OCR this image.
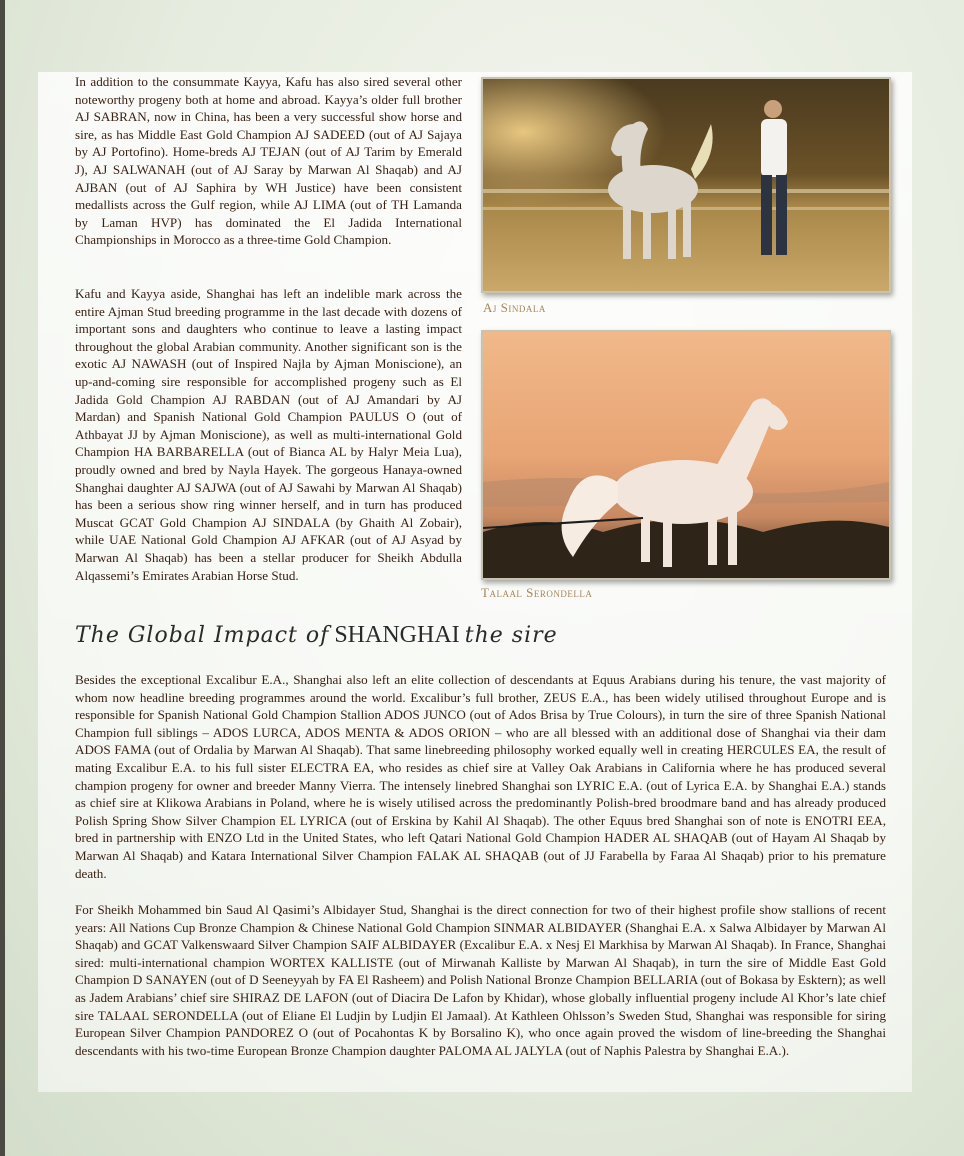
In addition to the consummate Kayya, Kafu has also sired several other noteworthy progeny both at home and abroad. Kayya’s older full brother AJ SABRAN, now in China, has been a very successful show horse and sire, as has Middle East Gold Champion AJ SADEED (out of AJ Sajaya by AJ Portofino). Home-breds AJ TEJAN (out of AJ Tarim by Emerald J), AJ SALWANAH (out of AJ Saray by Marwan Al Shaqab) and AJ AJBAN (out of AJ Saphira by WH Justice) have been consistent medallists across the Gulf region, while AJ LIMA (out of TH Lamanda by Laman HVP) has dominated the El Jadida International Championships in Morocco as a three-time Gold Champion.

Kafu and Kayya aside, Shanghai has left an indelible mark across the entire Ajman Stud breeding programme in the last decade with dozens of important sons and daughters who continue to leave a lasting impact throughout the global Arabian community. Another significant son is the exotic AJ NAWASH (out of Inspired Najla by Ajman Moniscione), an up-and-coming sire responsible for accomplished progeny such as El Jadida Gold Champion AJ RABDAN (out of AJ Amandari by AJ Mardan) and Spanish National Gold Champion PAULUS O (out of Athbayat JJ by Ajman Moniscione), as well as multi-international Gold Champion HA BARBARELLA (out of Bianca AL by Halyr Meia Lua), proudly owned and bred by Nayla Hayek. The gorgeous Hanaya-owned Shanghai daughter AJ SAJWA (out of AJ Sawahi by Marwan Al Shaqab) has been a serious show ring winner herself, and in turn has produced Muscat GCAT Gold Champion AJ SINDALA (by Ghaith Al Zobair), while UAE National Gold Champion AJ AFKAR (out of AJ Asyad by Marwan Al Shaqab) has been a stellar producer for Sheikh Abdulla Alqassemi’s Emirates Arabian Horse Stud.

Aj Sindala
Talaal Serondella
The Global Impact of SHANGHAI the sire

Besides the exceptional Excalibur E.A., Shanghai also left an elite collection of descendants at Equus Arabians during his tenure, the vast majority of whom now headline breeding programmes around the world. Excalibur’s full brother, ZEUS E.A., has been widely utilised throughout Europe and is responsible for Spanish National Gold Champion Stallion ADOS JUNCO (out of Ados Brisa by True Colours), in turn the sire of three Spanish National Champion full siblings – ADOS LURCA, ADOS MENTA & ADOS ORION – who are all blessed with an additional dose of Shanghai via their dam ADOS FAMA (out of Ordalia by Marwan Al Shaqab). That same linebreeding philosophy worked equally well in creating HERCULES EA, the result of mating Excalibur E.A. to his full sister ELECTRA EA, who resides as chief sire at Valley Oak Arabians in California where he has produced several champion progeny for owner and breeder Manny Vierra. The intensely linebred Shanghai son LYRIC E.A. (out of Lyrica E.A. by Shanghai E.A.) stands as chief sire at Klikowa Arabians in Poland, where he is wisely utilised across the predominantly Polish-bred broodmare band and has already produced Polish Spring Show Silver Champion EL LYRICA (out of Erskina by Kahil Al Shaqab). The other Equus bred Shanghai son of note is ENOTRI EEA, bred in partnership with ENZO Ltd in the United States, who left Qatari National Gold Champion HADER AL SHAQAB (out of Hayam Al Shaqab by Marwan Al Shaqab) and Katara International Silver Champion FALAK AL SHAQAB (out of JJ Farabella by Faraa Al Shaqab) prior to his premature death.

For Sheikh Mohammed bin Saud Al Qasimi’s Albidayer Stud, Shanghai is the direct connection for two of their highest profile show stallions of recent years: All Nations Cup Bronze Champion & Chinese National Gold Champion SINMAR ALBIDAYER (Shanghai E.A. x Salwa Albidayer by Marwan Al Shaqab) and GCAT Valkenswaard Silver Champion SAIF ALBIDAYER (Excalibur E.A. x Nesj El Markhisa by Marwan Al Shaqab). In France, Shanghai sired: multi-international champion WORTEX KALLISTE (out of Mirwanah Kalliste by Marwan Al Shaqab), in turn the sire of Middle East Gold Champion D SANAYEN (out of D Seeneyyah by FA El Rasheem) and Polish National Bronze Champion BELLARIA (out of Bokasa by Esktern); as well as Jadem Arabians’ chief sire SHIRAZ DE LAFON (out of Diacira De Lafon by Khidar), whose globally influential progeny include Al Khor’s late chief sire TALAAL SERONDELLA (out of Eliane El Ludjin by Ludjin El Jamaal). At Kathleen Ohlsson’s Sweden Stud, Shanghai was responsible for siring European Silver Champion PANDOREZ O (out of Pocahontas K by Borsalino K), who once again proved the wisdom of line-breeding the Shanghai descendants with his two-time European Bronze Champion daughter PALOMA AL JALYLA (out of Naphis Palestra by Shanghai E.A.).
